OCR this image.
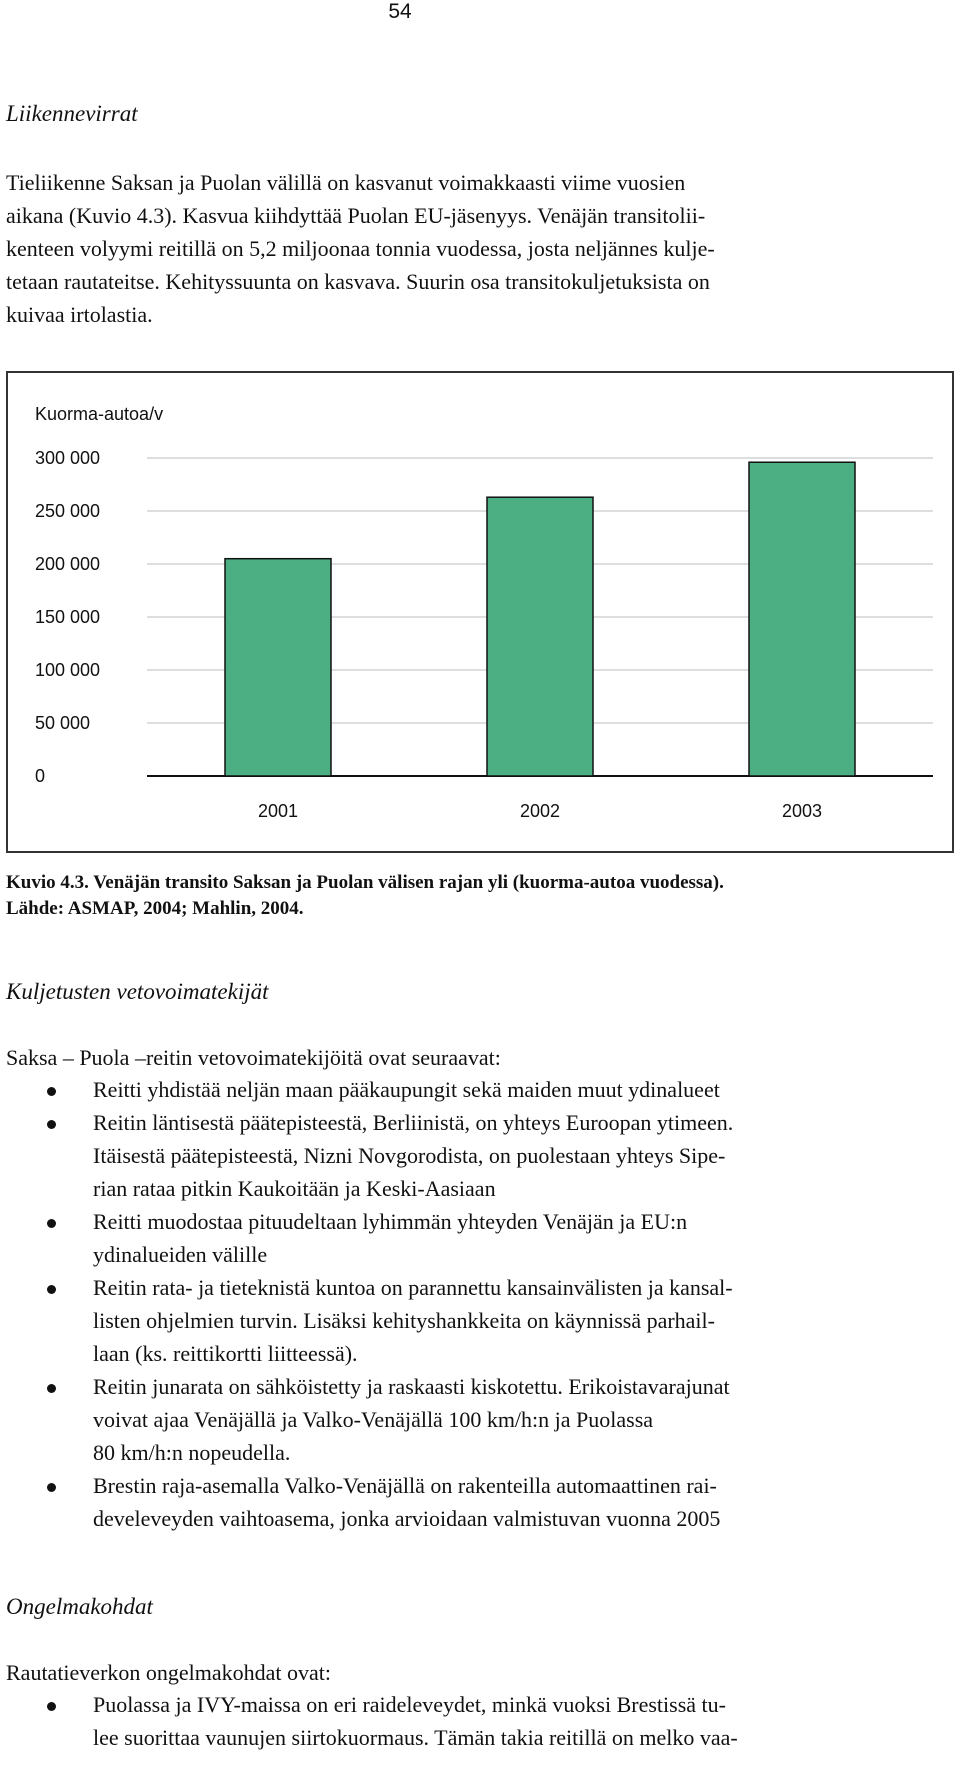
54
Liikennevirrat
Tieliikenne Saksan ja Puolan välillä on kasvanut voimakkaasti viime vuosien
aikana (Kuvio 4.3). Kasvua kiihdyttää Puolan EU-jäsenyys. Venäjän transitolii-
kenteen volyymi reitillä on 5,2 miljoonaa tonnia vuodessa, josta neljännes kulje-
tetaan rautateitse. Kehityssuunta on kasvava. Suurin osa transitokuljetuksista on
kuivaa irtolastia.
Kuorma-autoa/v
0
50 000
100 000
150 000
200 000
250 000
300 000
2001	2002	2003
Kuvio 4.3. Venäjän transito Saksan ja Puolan välisen rajan yli (kuorma-autoa vuodessa).
Lähde: ASMAP, 2004; Mahlin, 2004.
Kuljetusten vetovoimatekijät
Saksa – Puola –reitin vetovoimatekijöitä ovat seuraavat:
Reitti yhdistää neljän maan pääkaupungit sekä maiden muut ydinalueet
Reitin läntisestä päätepisteestä, Berliinistä, on yhteys Euroopan ytimeen.
Itäisestä päätepisteestä, Nizni Novgorodista, on puolestaan yhteys Sipe-
rian rataa pitkin Kaukoitään ja Keski-Aasiaan
Reitti muodostaa pituudeltaan lyhimmän yhteyden Venäjän ja EU:n
ydinalueiden välille
Reitin rata- ja tieteknistä kuntoa on parannettu kansainvälisten ja kansal-
listen ohjelmien turvin. Lisäksi kehityshankkeita on käynnissä parhail-
laan (ks. reittikortti liitteessä).
Reitin junarata on sähköistetty ja raskaasti kiskotettu. Erikoistavarajunat
voivat ajaa Venäjällä ja Valko-Venäjällä 100 km/h:n ja Puolassa
80 km/h:n nopeudella.
Brestin raja-asemalla Valko-Venäjällä on rakenteilla automaattinen rai-
develeveyden vaihtoasema, jonka arvioidaan valmistuvan vuonna 2005
Ongelmakohdat
Rautatieverkon ongelmakohdat ovat:
Puolassa ja IVY-maissa on eri raideleveydet, minkä vuoksi Brestissä tu-
lee suorittaa vaunujen siirtokuormaus. Tämän takia reitillä on melko vaa-
